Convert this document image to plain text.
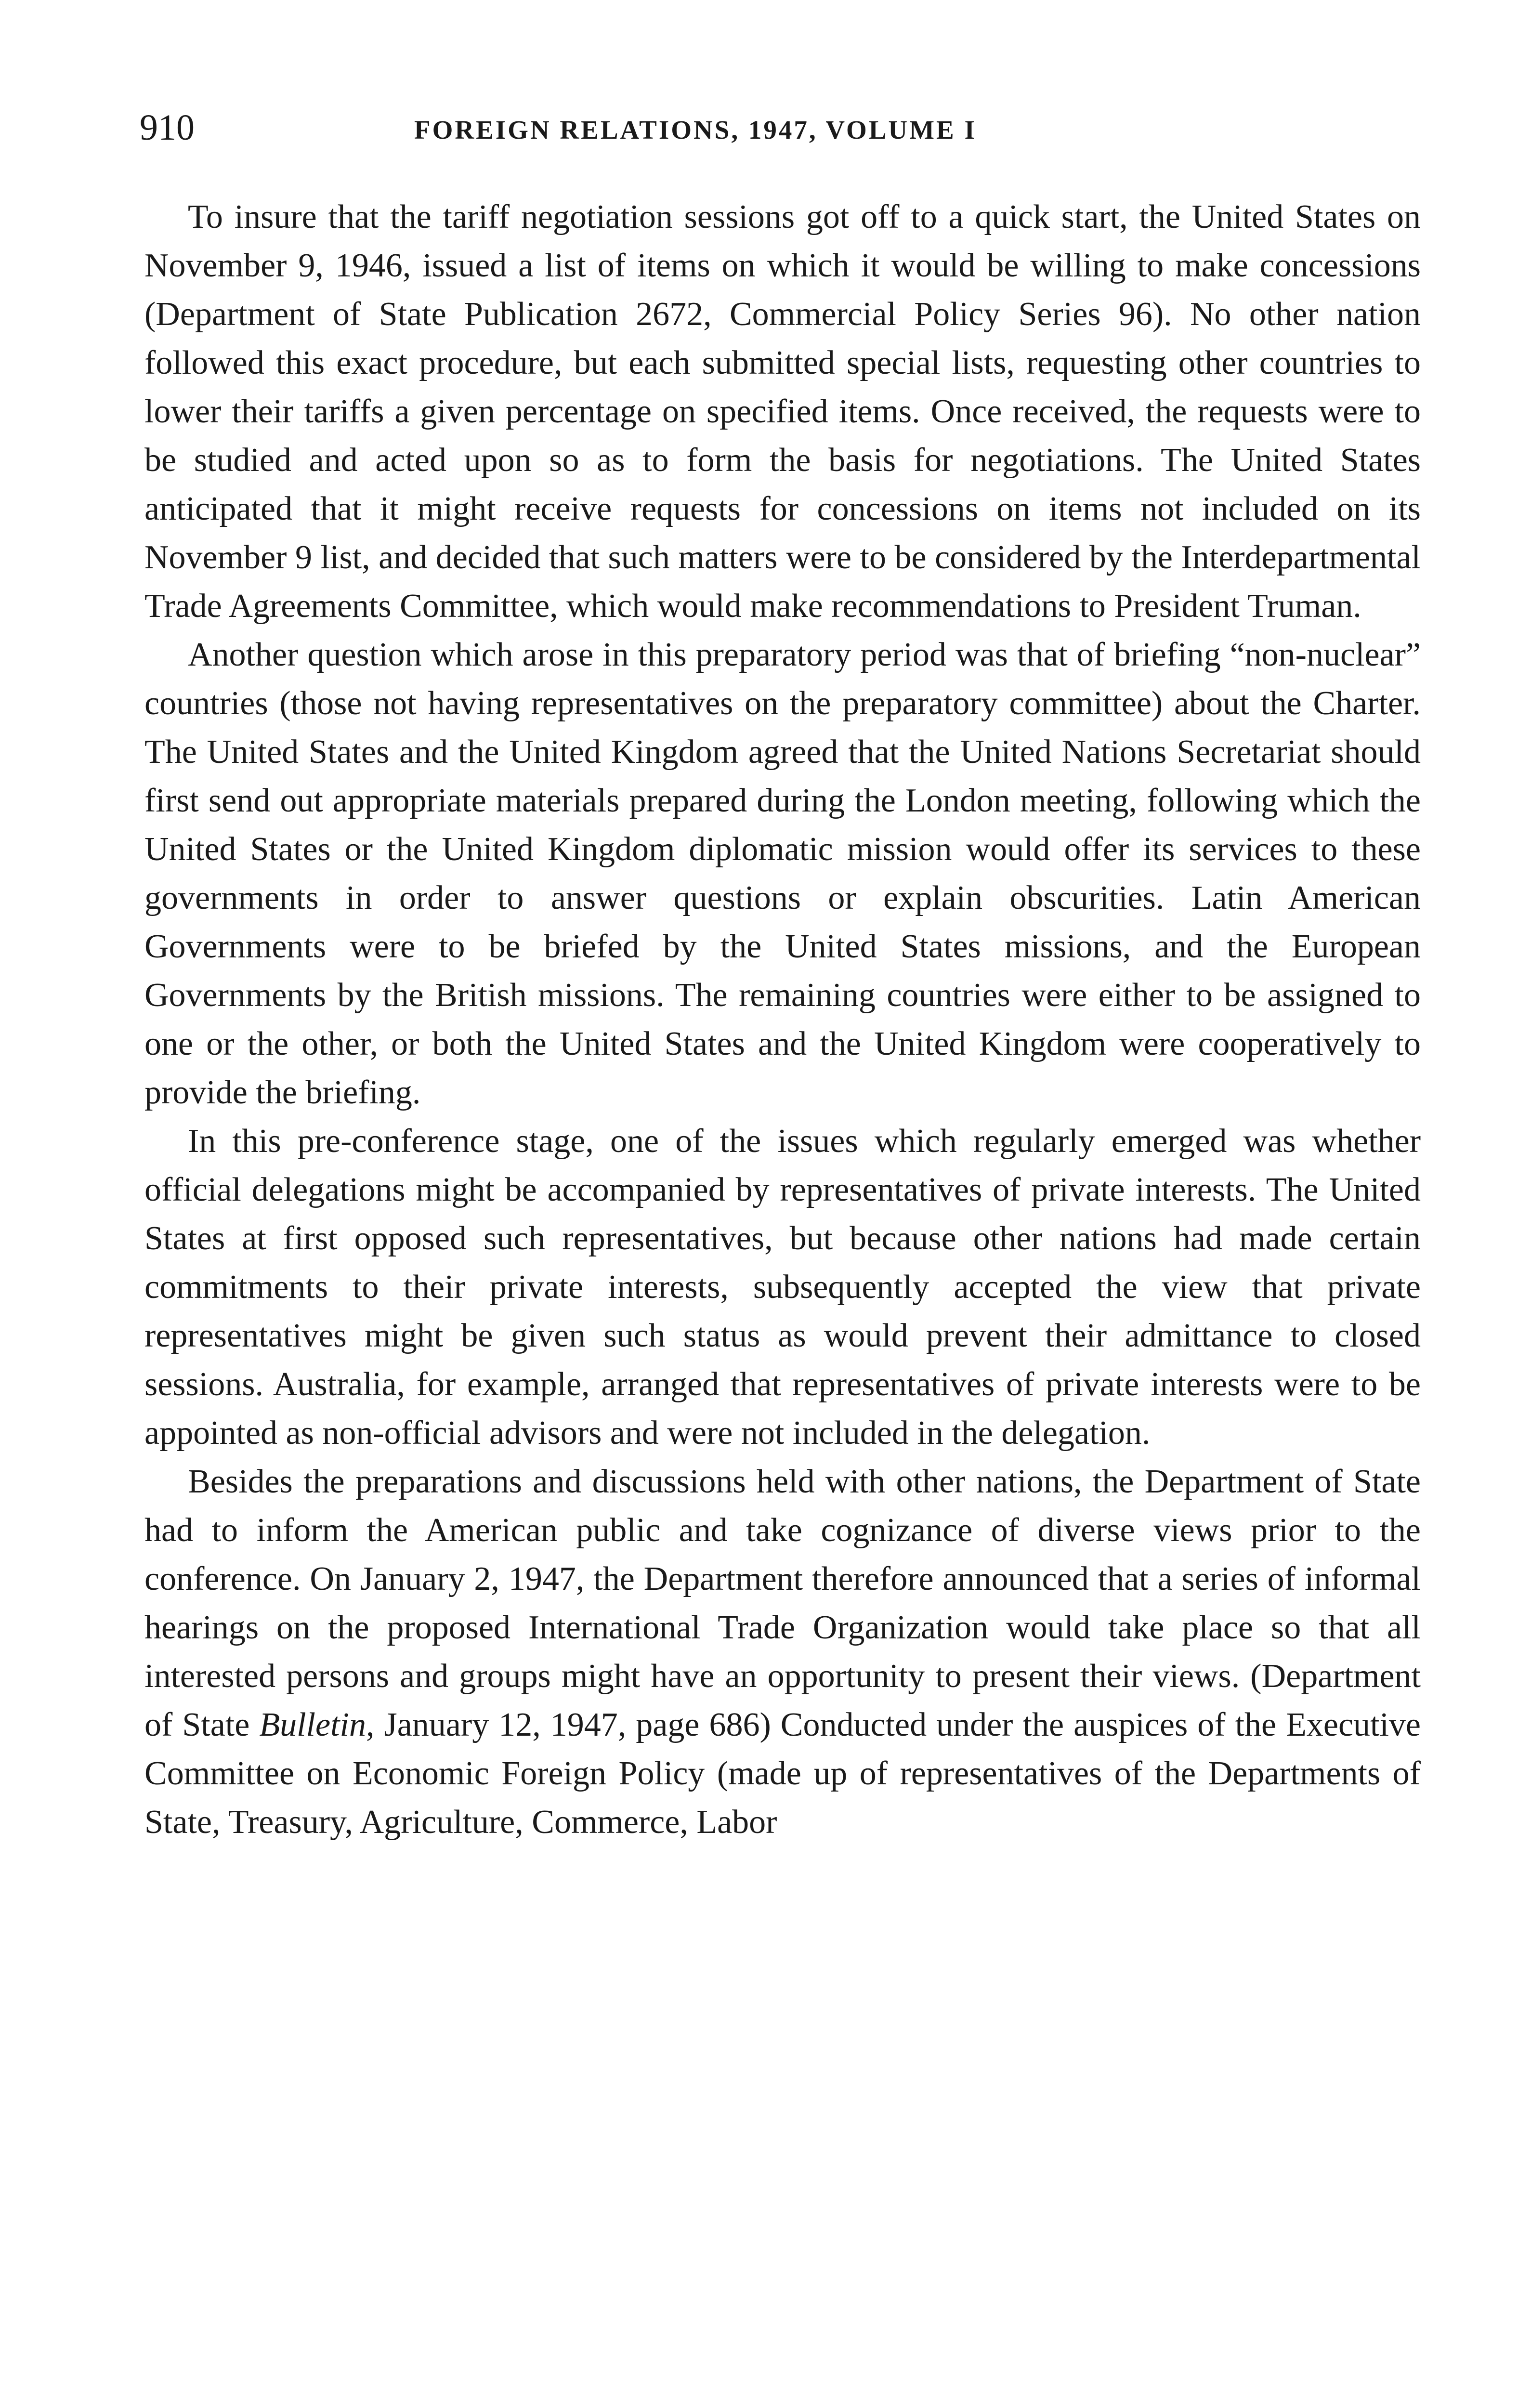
910	FOREIGN RELATIONS, 1947, VOLUME I

To insure that the tariff negotiation sessions got off to a quick start, the United States on November 9, 1946, issued a list of items on which it would be willing to make concessions (Department of State Publication 2672, Commercial Policy Series 96). No other nation followed this exact procedure, but each submitted special lists, requesting other countries to lower their tariffs a given percentage on specified items. Once received, the requests were to be studied and acted upon so as to form the basis for negotiations. The United States anticipated that it might receive requests for concessions on items not included on its November 9 list, and decided that such matters were to be considered by the Interdepartmental Trade Agreements Committee, which would make recommendations to President Truman.

Another question which arose in this preparatory period was that of briefing “non-nuclear” countries (those not having representatives on the preparatory committee) about the Charter. The United States and the United Kingdom agreed that the United Nations Secretariat should first send out appropriate materials prepared during the London meeting, following which the United States or the United Kingdom diplomatic mission would offer its services to these governments in order to answer questions or explain obscurities. Latin American Governments were to be briefed by the United States missions, and the European Governments by the British missions. The remaining countries were either to be assigned to one or the other, or both the United States and the United Kingdom were cooperatively to provide the briefing.

In this pre-conference stage, one of the issues which regularly emerged was whether official delegations might be accompanied by representatives of private interests. The United States at first opposed such representatives, but because other nations had made certain commitments to their private interests, subsequently accepted the view that private representatives might be given such status as would prevent their admittance to closed sessions. Australia, for example, arranged that representatives of private interests were to be appointed as non-official advisors and were not included in the delegation.

Besides the preparations and discussions held with other nations, the Department of State had to inform the American public and take cognizance of diverse views prior to the conference. On January 2, 1947, the Department therefore announced that a series of informal hearings on the proposed International Trade Organization would take place so that all interested persons and groups might have an opportunity to present their views. (Department of State Bulletin, January 12, 1947, page 686) Conducted under the auspices of the Executive Committee on Economic Foreign Policy (made up of representatives of the Departments of State, Treasury, Agriculture, Commerce, Labor
